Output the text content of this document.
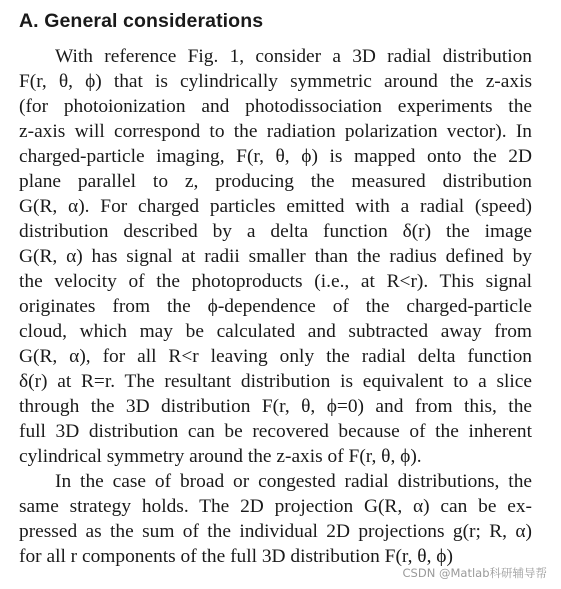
A. General considerations
With reference Fig. 1, consider a 3D radial distribution
F(r, θ, ϕ) that is cylindrically symmetric around the z-axis
(for photoionization and photodissociation experiments the
z-axis will correspond to the radiation polarization vector). In
charged-particle imaging, F(r, θ, ϕ) is mapped onto the 2D
plane parallel to z, producing the measured distribution
G(R, α). For charged particles emitted with a radial (speed)
distribution described by a delta function δ(r) the image
G(R, α) has signal at radii smaller than the radius defined by
the velocity of the photoproducts (i.e., at R<r). This signal
originates from the ϕ-dependence of the charged-particle
cloud, which may be calculated and subtracted away from
G(R, α), for all R<r leaving only the radial delta function
δ(r) at R=r. The resultant distribution is equivalent to a slice
through the 3D distribution F(r, θ, ϕ=0) and from this, the
full 3D distribution can be recovered because of the inherent
cylindrical symmetry around the z-axis of F(r, θ, ϕ).
In the case of broad or congested radial distributions, the
same strategy holds. The 2D projection G(R, α) can be ex-
pressed as the sum of the individual 2D projections g(r; R, α)
for all r components of the full 3D distribution F(r, θ, ϕ)
CSDN @Matlab科研辅导帮
